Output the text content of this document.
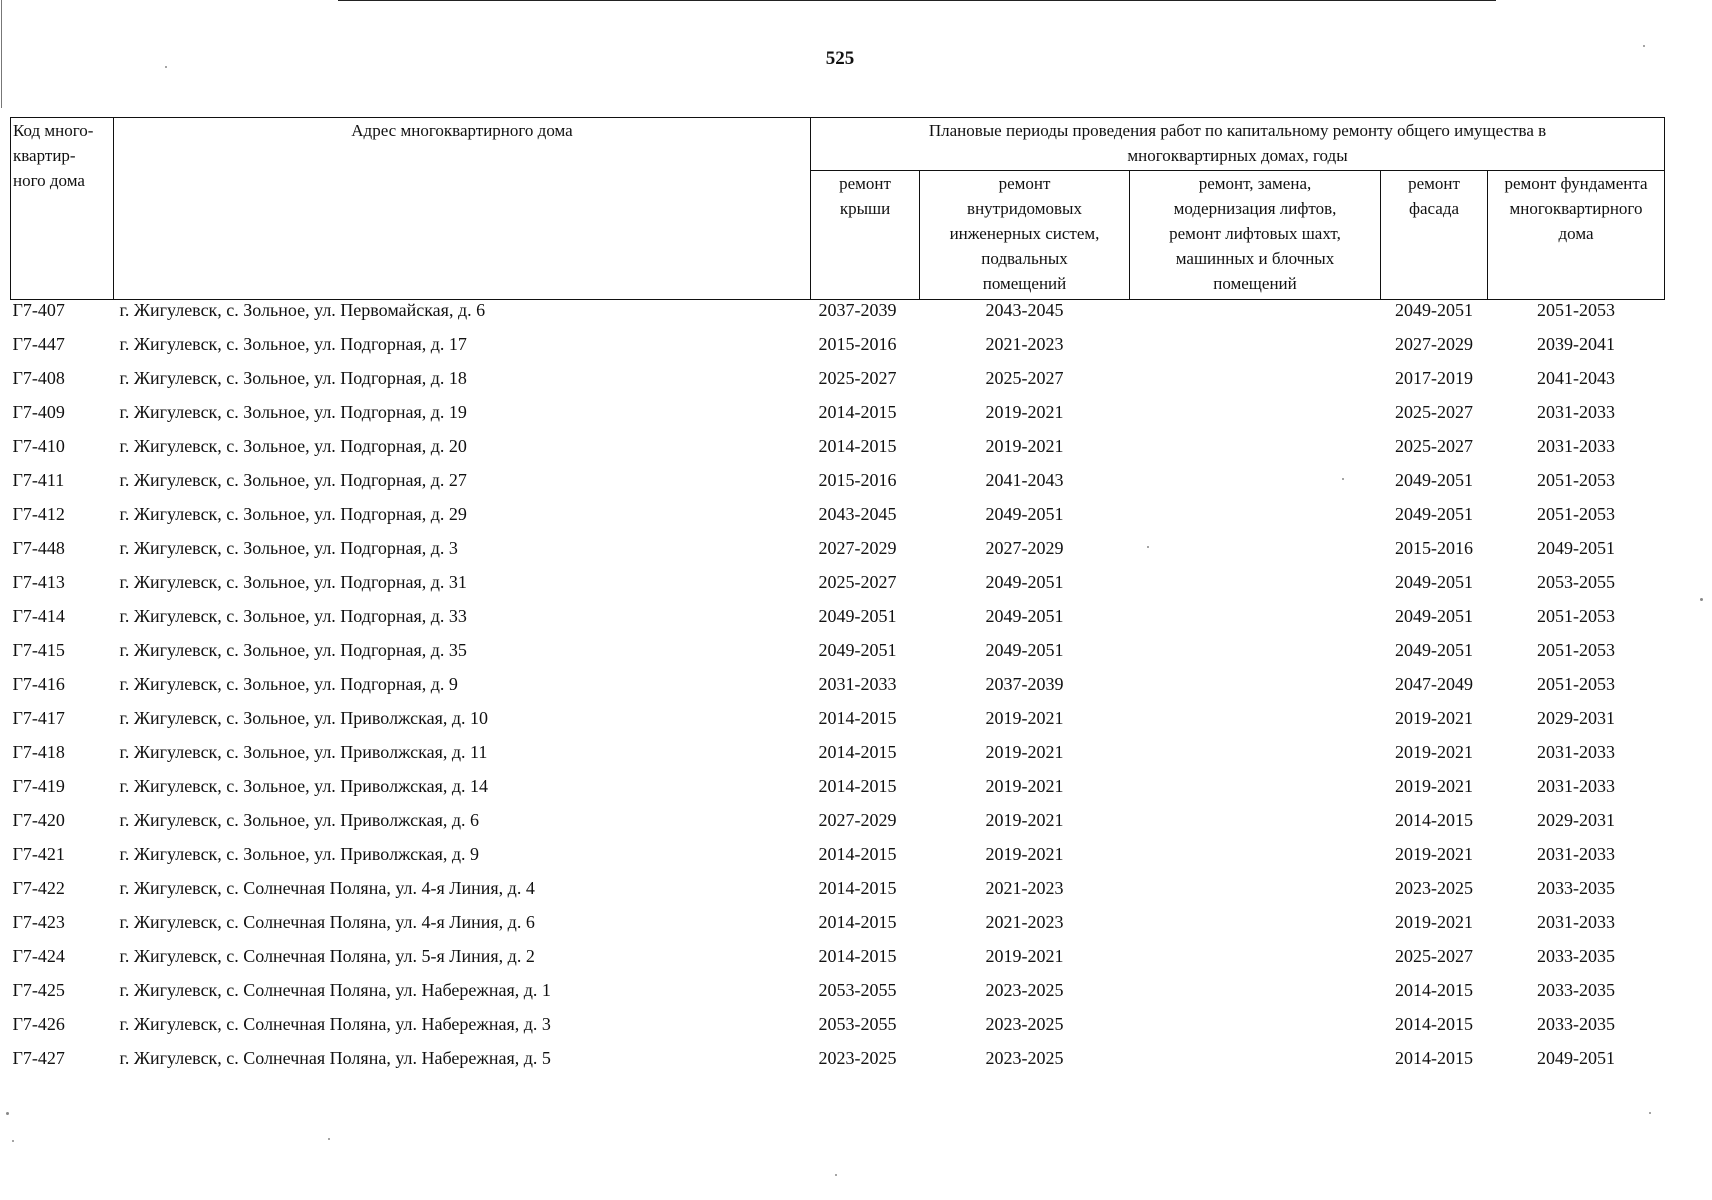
525
Код много-
квартир-
ного дома	Адрес многоквартирного дома	Плановые периоды проведения работ по капитальному ремонту общего имущества в
многоквартирных домах, годы				
		ремонт
крыши	ремонт
внутридомовых
инженерных систем,
подвальных
помещений	ремонт, замена,
модернизация лифтов,
ремонт лифтовых шахт,
машинных и блочных
помещений	ремонт
фасада	ремонт фундамента
многоквартирного
дома
Г7-407	г. Жигулевск, с. Зольное, ул. Первомайская, д. 6	2037-2039	2043-2045		2049-2051	2051-2053
Г7-447	г. Жигулевск, с. Зольное, ул. Подгорная, д. 17	2015-2016	2021-2023		2027-2029	2039-2041
Г7-408	г. Жигулевск, с. Зольное, ул. Подгорная, д. 18	2025-2027	2025-2027		2017-2019	2041-2043
Г7-409	г. Жигулевск, с. Зольное, ул. Подгорная, д. 19	2014-2015	2019-2021		2025-2027	2031-2033
Г7-410	г. Жигулевск, с. Зольное, ул. Подгорная, д. 20	2014-2015	2019-2021		2025-2027	2031-2033
Г7-411	г. Жигулевск, с. Зольное, ул. Подгорная, д. 27	2015-2016	2041-2043		2049-2051	2051-2053
Г7-412	г. Жигулевск, с. Зольное, ул. Подгорная, д. 29	2043-2045	2049-2051		2049-2051	2051-2053
Г7-448	г. Жигулевск, с. Зольное, ул. Подгорная, д. 3	2027-2029	2027-2029		2015-2016	2049-2051
Г7-413	г. Жигулевск, с. Зольное, ул. Подгорная, д. 31	2025-2027	2049-2051		2049-2051	2053-2055
Г7-414	г. Жигулевск, с. Зольное, ул. Подгорная, д. 33	2049-2051	2049-2051		2049-2051	2051-2053
Г7-415	г. Жигулевск, с. Зольное, ул. Подгорная, д. 35	2049-2051	2049-2051		2049-2051	2051-2053
Г7-416	г. Жигулевск, с. Зольное, ул. Подгорная, д. 9	2031-2033	2037-2039		2047-2049	2051-2053
Г7-417	г. Жигулевск, с. Зольное, ул. Приволжская, д. 10	2014-2015	2019-2021		2019-2021	2029-2031
Г7-418	г. Жигулевск, с. Зольное, ул. Приволжская, д. 11	2014-2015	2019-2021		2019-2021	2031-2033
Г7-419	г. Жигулевск, с. Зольное, ул. Приволжская, д. 14	2014-2015	2019-2021		2019-2021	2031-2033
Г7-420	г. Жигулевск, с. Зольное, ул. Приволжская, д. 6	2027-2029	2019-2021		2014-2015	2029-2031
Г7-421	г. Жигулевск, с. Зольное, ул. Приволжская, д. 9	2014-2015	2019-2021		2019-2021	2031-2033
Г7-422	г. Жигулевск, с. Солнечная Поляна, ул. 4-я Линия, д. 4	2014-2015	2021-2023		2023-2025	2033-2035
Г7-423	г. Жигулевск, с. Солнечная Поляна, ул. 4-я Линия, д. 6	2014-2015	2021-2023		2019-2021	2031-2033
Г7-424	г. Жигулевск, с. Солнечная Поляна, ул. 5-я Линия, д. 2	2014-2015	2019-2021		2025-2027	2033-2035
Г7-425	г. Жигулевск, с. Солнечная Поляна, ул. Набережная, д. 1	2053-2055	2023-2025		2014-2015	2033-2035
Г7-426	г. Жигулевск, с. Солнечная Поляна, ул. Набережная, д. 3	2053-2055	2023-2025		2014-2015	2033-2035
Г7-427	г. Жигулевск, с. Солнечная Поляна, ул. Набережная, д. 5	2023-2025	2023-2025		2014-2015	2049-2051
